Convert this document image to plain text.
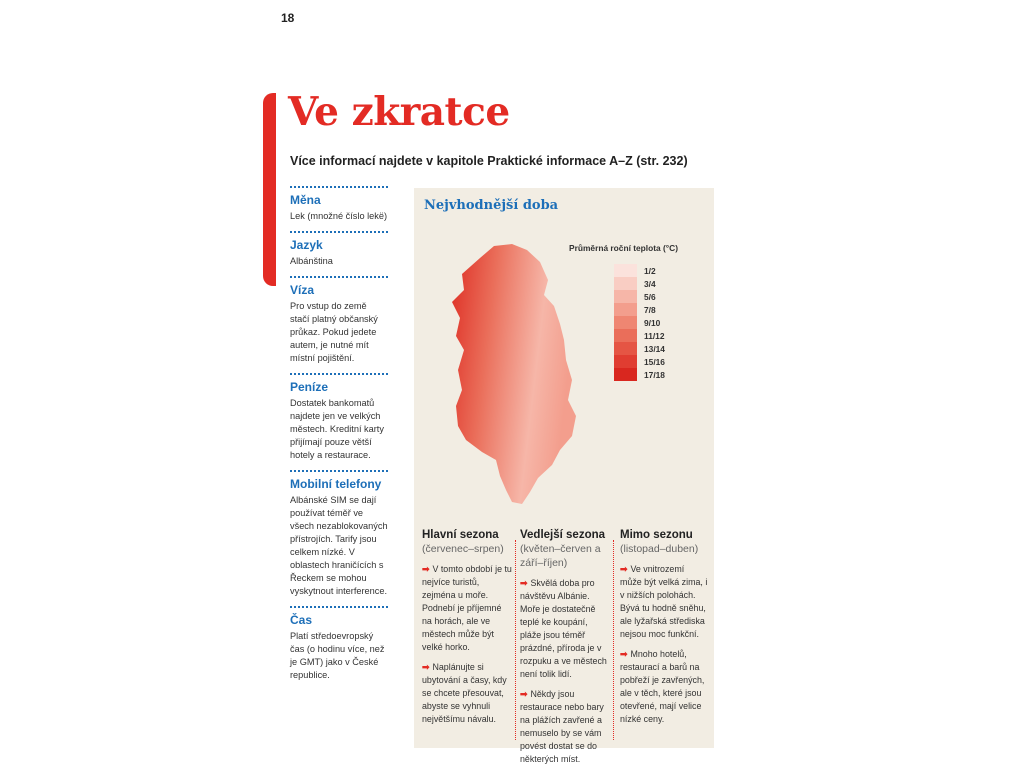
18
Ve zkratce
Více informací najdete v kapitole Praktické informace A–Z (str. 232)
Měna

Lek (množné číslo lekë)

Jazyk

Albánština

Víza

Pro vstup do země stačí platný občanský průkaz. Pokud jedete autem, je nutné mít místní pojištění.

Peníze

Dostatek bankomatů najdete jen ve velkých městech. Kreditní karty přijímají pouze větší hotely a restaurace.

Mobilní telefony

Albánské SIM se dají používat téměř ve všech nezablokovaných přístrojích. Tarify jsou celkem nízké. V oblastech hraničících s Řeckem se mohou vyskytnout interference.

Čas

Platí středoevropský čas (o hodinu více, než je GMT) jako v České republice.

Nejvhodnější doba
Průměrná roční teplota (°C)
1/2
3/4
5/6
7/8
9/10
11/12
13/14
15/16
17/18
Hlavní sezona
(červenec–srpen)
➡ V tomto období je tu nejvíce turistů, zejména u moře. Podnebí je příjemné na horách, ale ve městech může být velké horko.
➡ Naplánujte si ubytování a časy, kdy se chcete přesouvat, abyste se vyhnuli největšímu návalu.
Vedlejší sezona
(květen–červen a září–říjen)
➡ Skvělá doba pro návštěvu Albánie. Moře je dostatečně teplé ke koupání, pláže jsou téměř prázdné, příroda je v rozpuku a ve městech není tolik lidí.
➡ Někdy jsou restaurace nebo bary na plážích zavřené a nemuselo by se vám povést dostat se do některých míst.
Mimo sezonu
(listopad–duben)
➡ Ve vnitrozemí může být velká zima, i v nižších polohách. Bývá tu hodně sněhu, ale lyžařská střediska nejsou moc funkční.
➡ Mnoho hotelů, restaurací a barů na pobřeží je zavřených, ale v těch, které jsou otevřené, mají velice nízké ceny.
